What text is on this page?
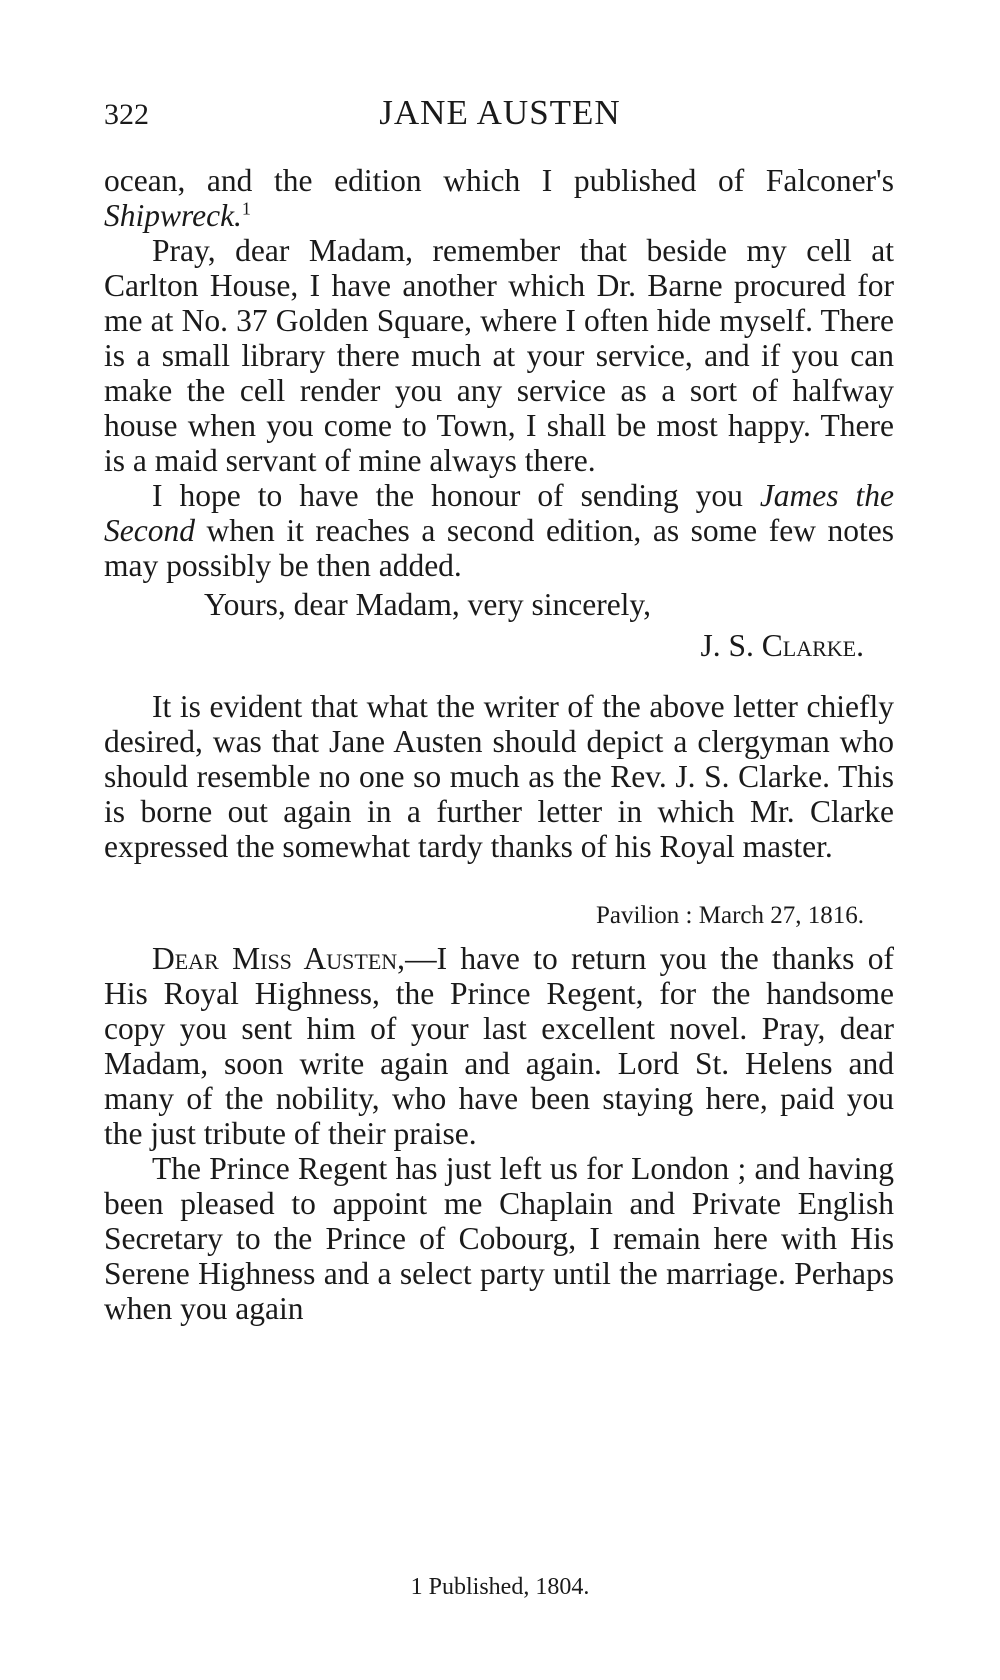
322	JANE AUSTEN

ocean, and the edition which I published of Falconer's Shipwreck.$^1$

Pray, dear Madam, remember that beside my cell at Carlton House, I have another which Dr. Barne procured for me at No. 37 Golden Square, where I often hide myself. There is a small library there much at your service, and if you can make the cell render you any service as a sort of halfway house when you come to Town, I shall be most happy. There is a maid servant of mine always there.

I hope to have the honour of sending you James the Second when it reaches a second edition, as some few notes may possibly be then added.

Yours, dear Madam, very sincerely,

J. S. Clarke.

It is evident that what the writer of the above letter chiefly desired, was that Jane Austen should depict a clergyman who should resemble no one so much as the Rev. J. S. Clarke. This is borne out again in a further letter in which Mr. Clarke expressed the somewhat tardy thanks of his Royal master.

Pavilion : March 27, 1816.

Dear Miss Austen,—I have to return you the thanks of His Royal Highness, the Prince Regent, for the handsome copy you sent him of your last excellent novel. Pray, dear Madam, soon write again and again. Lord St. Helens and many of the nobility, who have been staying here, paid you the just tribute of their praise.

The Prince Regent has just left us for London ; and having been pleased to appoint me Chaplain and Private English Secretary to the Prince of Cobourg, I remain here with His Serene Highness and a select party until the marriage. Perhaps when you again

1 Published, 1804.
